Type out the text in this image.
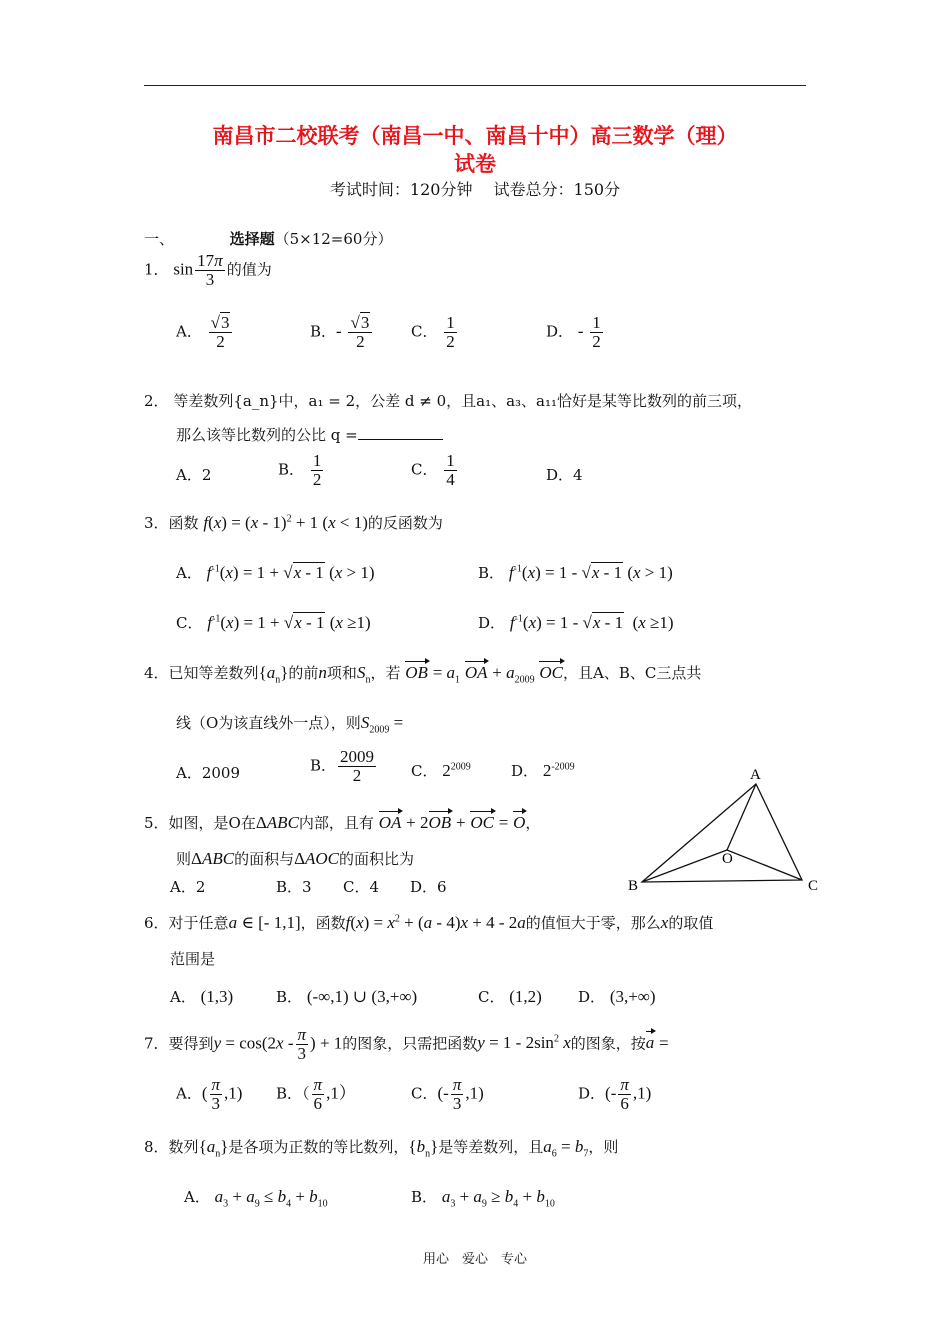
南昌市二校联考（南昌一中、南昌十中）高三数学（理）
试卷
考试时间：120分钟　 试卷总分：150分
一、	选择题（5×12=60分）
1． $\sin \frac{17\pi}{3}$ 的值为
A． $\frac{√3}{2}$	B．- $\frac{√3}{2}$	C． $\frac{1}{2}$	D． - $\frac{1}{2}$
2． 等差数列{a_n}中，a₁ = 2，公差 d ≠ 0，且a₁、a₃、a₁₁恰好是某等比数列的前三项，
那么该等比数列的公比 q =
A．2	B． $\frac{1}{2}$	C． $\frac{1}{4}$	D．4
3．函数 f(x) = (x - 1)$^2$ + 1 (x < 1)的反函数为
A． $f^{-1}(x) = 1 + √x - 1$ (x > 1)	B． $f^{-1}(x) = 1 - √x - 1$ (x > 1)
C． $f^{-1}(x) = 1 + √x - 1$ (x ≥1)	D． $f^{-1}(x) = 1 - √x - 1$  (x ≥1)
4．已知等差数列$\{a_n\}$的前n项和$S_n$，若 OB = $a_1$ OA + $a_{2009}$ OC，且A、B、C三点共
线（O为该直线外一点），则$S_{2009}$ =
A．2009	B． $\frac{2009}{2}$ C． $2^{2009}$	D． $2^{-2009}$
5．如图，是O在ΔABC内部，且有 OA + 2OB + OC = O，
则ΔABC的面积与ΔAOC的面积比为
A．2	B．3 C．4 D．6
A
B	C
O
6．对于任意a ∈ [- 1,1]，函数$f(x) = x^2 + (a - 4)x + 4 - 2a$的值恒大于零，那么x的取值
范围是
A． (1,3)	B． (-∞,1) ∪ (3,+∞)	C． (1,2) D． (3,+∞)
7．要得到$y = \cos(2x - \frac{\pi}{3}$ ) + 1的图象，只需把函数$y = 1 - 2\sin^2$ x的图象，按a =
A．( $\frac{\pi}{3} ,1$) B．（ $\frac{\pi}{6} ,1$）	C．(- $\frac{\pi}{3} ,1$)	D．(- $\frac{\pi}{6} ,1$)
8．数列$\{a_n\}$是各项为正数的等比数列，$\{b_n\}$是等差数列，且$a_6 = b_7$，则
A． $a_3 + a_9 \le b_4 + b_{10}$	B． $a_3 + a_9 \ge b_4 + b_{10}$
用心　爱心　专心
